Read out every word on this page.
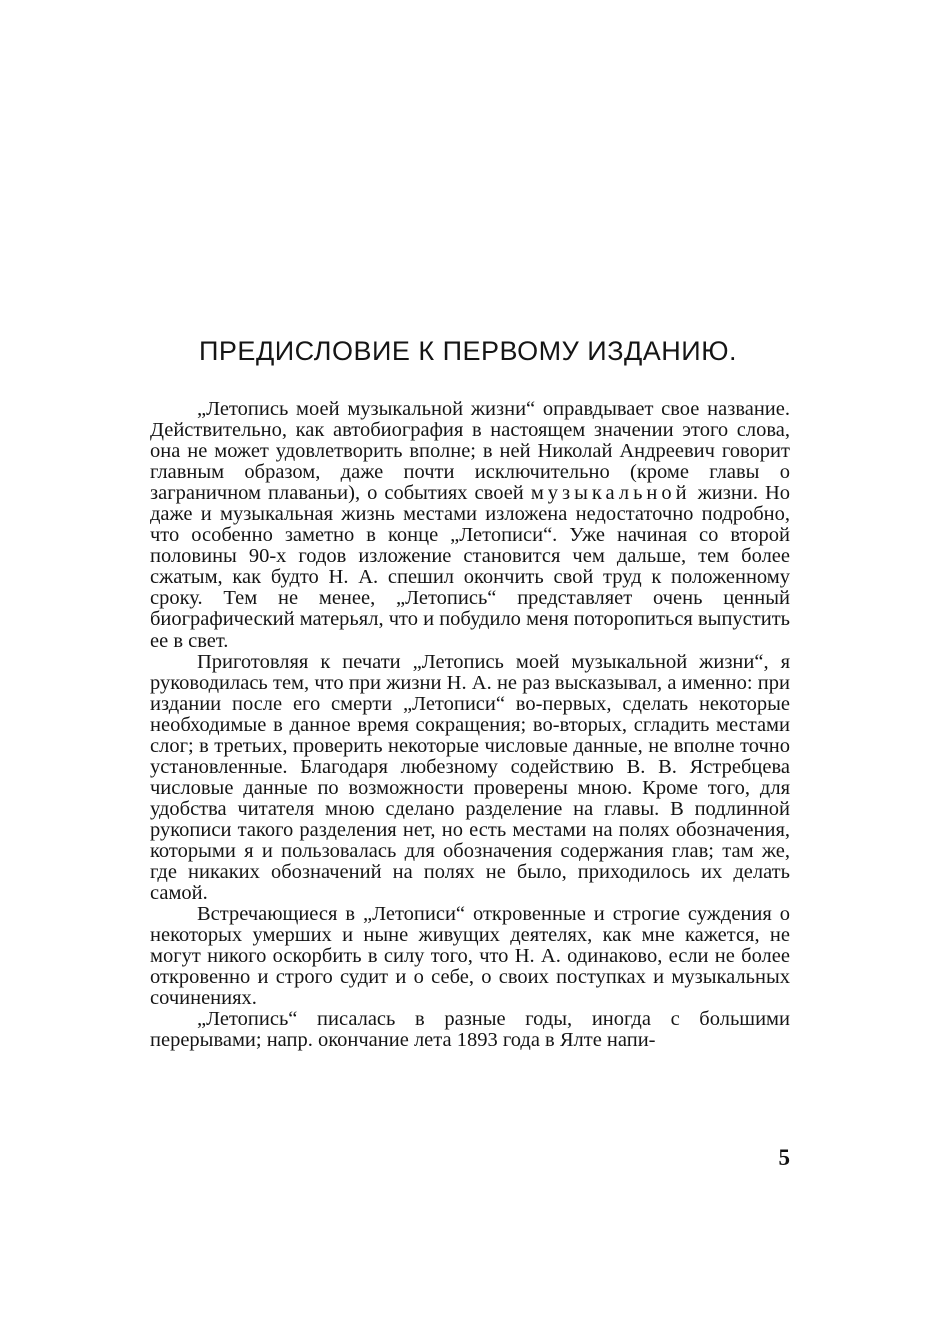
ПРЕДИСЛОВИЕ К ПЕРВОМУ ИЗДАНИЮ.

„Летопись моей музыкальной жизни“ оправдывает свое название. Действительно, как автобиография в настоящем значении этого слова, она не может удовлетворить вполне; в ней Николай Андреевич говорит главным образом, даже почти исключительно (кроме главы о заграничном плаваньи), о событиях своей музыкальной жизни. Но даже и музыкальная жизнь местами изложена недостаточно подробно, что особенно заметно в конце „Летописи“. Уже начиная со второй половины 90-х годов изложение становится чем дальше, тем более сжатым, как будто Н. А. спешил окончить свой труд к положенному сроку. Тем не менее, „Летопись“ представляет очень ценный биографический матерьял, что и побудило меня поторопиться выпустить ее в свет.

Приготовляя к печати „Летопись моей музыкальной жизни“, я руководилась тем, что при жизни Н. А. не раз высказывал, а именно: при издании после его смерти „Летописи“ во-первых, сделать некоторые необходимые в данное время сокращения; во-вторых, сгладить местами слог; в третьих, проверить некоторые числовые данные, не вполне точно установленные. Благодаря любезному содействию В. В. Ястребцева числовые данные по возможности проверены мною. Кроме того, для удобства читателя мною сделано разделение на главы. В подлинной рукописи такого разделения нет, но есть местами на полях обозначения, которыми я и пользовалась для обозначения содержания глав; там же, где никаких обозначений на полях не было, приходилось их делать самой.

Встречающиеся в „Летописи“ откровенные и строгие суждения о некоторых умерших и ныне живущих деятелях, как мне кажется, не могут никого оскорбить в силу того, что Н. А. одинаково, если не более откровенно и строго судит и о себе, о своих поступках и музыкальных сочинениях.

„Летопись“ писалась в разные годы, иногда с большими перерывами; напр. окончание лета 1893 года в Ялте напи-

5
